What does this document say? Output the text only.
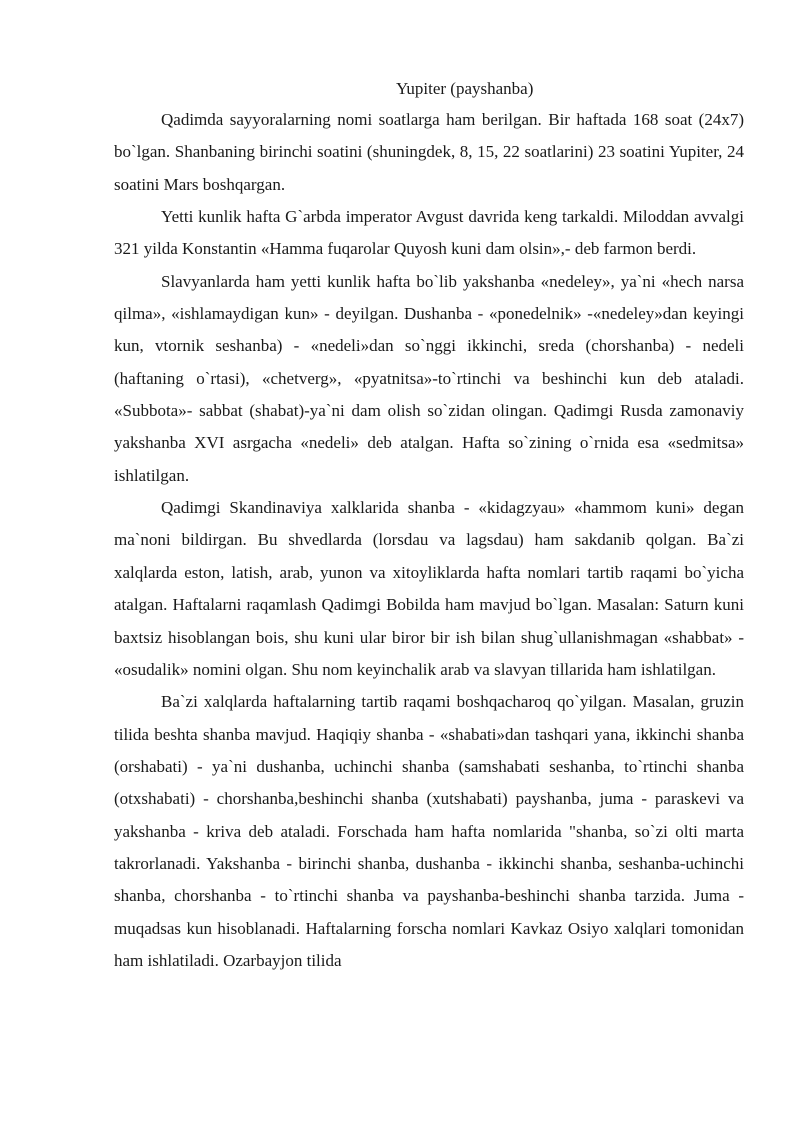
Yupiter (payshanba)

Qadimda sayyoralarning nomi soatlarga ham berilgan. Bir haftada 168 soat (24x7) bo`lgan. Shanbaning birinchi soatini (shuningdek, 8, 15, 22 soatlarini) 23 soatini Yupiter, 24 soatini Mars boshqargan.

Yetti kunlik hafta G`arbda imperator Avgust davrida keng tarkaldi. Miloddan avvalgi 321 yilda Konstantin «Hamma fuqarolar Quyosh kuni dam olsin»,- deb farmon berdi.

Slavyanlarda ham yetti kunlik hafta bo`lib yakshanba «nedeley», ya`ni «hech narsa qilma», «ishlamaydigan kun» - deyilgan. Dushanba - «ponedelnik» -«nedeley»dan keyingi kun, vtornik seshanba) - «nedeli»dan so`nggi ikkinchi, sreda (chorshanba) - nedeli (haftaning o`rtasi), «chetverg», «pyatnitsa»-to`rtinchi va beshinchi kun deb ataladi. «Subbota»- sabbat (shabat)-ya`ni dam olish so`zidan olingan. Qadimgi Rusda zamonaviy yakshanba XVI asrgacha «nedeli» deb atalgan. Hafta so`zining o`rnida esa «sedmitsa» ishlatilgan.

Qadimgi Skandinaviya xalklarida shanba - «kidagzyau» «hammom kuni» degan ma`noni bildirgan. Bu shvedlarda (lorsdau va lagsdau) ham sakdanib qolgan. Ba`zi xalqlarda eston, latish, arab, yunon va xitoyliklarda hafta nomlari tartib raqami bo`yicha atalgan. Haftalarni raqamlash Qadimgi Bobilda ham mavjud bo`lgan. Masalan: Saturn kuni baxtsiz hisoblangan bois, shu kuni ular biror bir ish bilan shug`ullanishmagan «shabbat» - «osudalik» nomini olgan. Shu nom keyinchalik arab va slavyan tillarida ham ishlatilgan.

Ba`zi xalqlarda haftalarning tartib raqami boshqacharoq qo`yilgan. Masalan, gruzin tilida beshta shanba mavjud. Haqiqiy shanba - «shabati»dan tashqari yana, ikkinchi shanba (orshabati) - ya`ni dushanba, uchinchi shanba (samshabati seshanba, to`rtinchi shanba (otxshabati) - chorshanba,beshinchi shanba (xutshabati) payshanba, juma - paraskevi va yakshanba - kriva deb ataladi. Forschada ham hafta nomlarida "shanba, so`zi olti marta takrorlanadi. Yakshanba - birinchi shanba, dushanba - ikkinchi shanba, seshanba-uchinchi shanba, chorshanba - to`rtinchi shanba va payshanba-beshinchi shanba tarzida. Juma - muqadsas kun hisoblanadi. Haftalarning forscha nomlari Kavkaz Osiyo xalqlari tomonidan ham ishlatiladi. Ozarbayjon tilida
